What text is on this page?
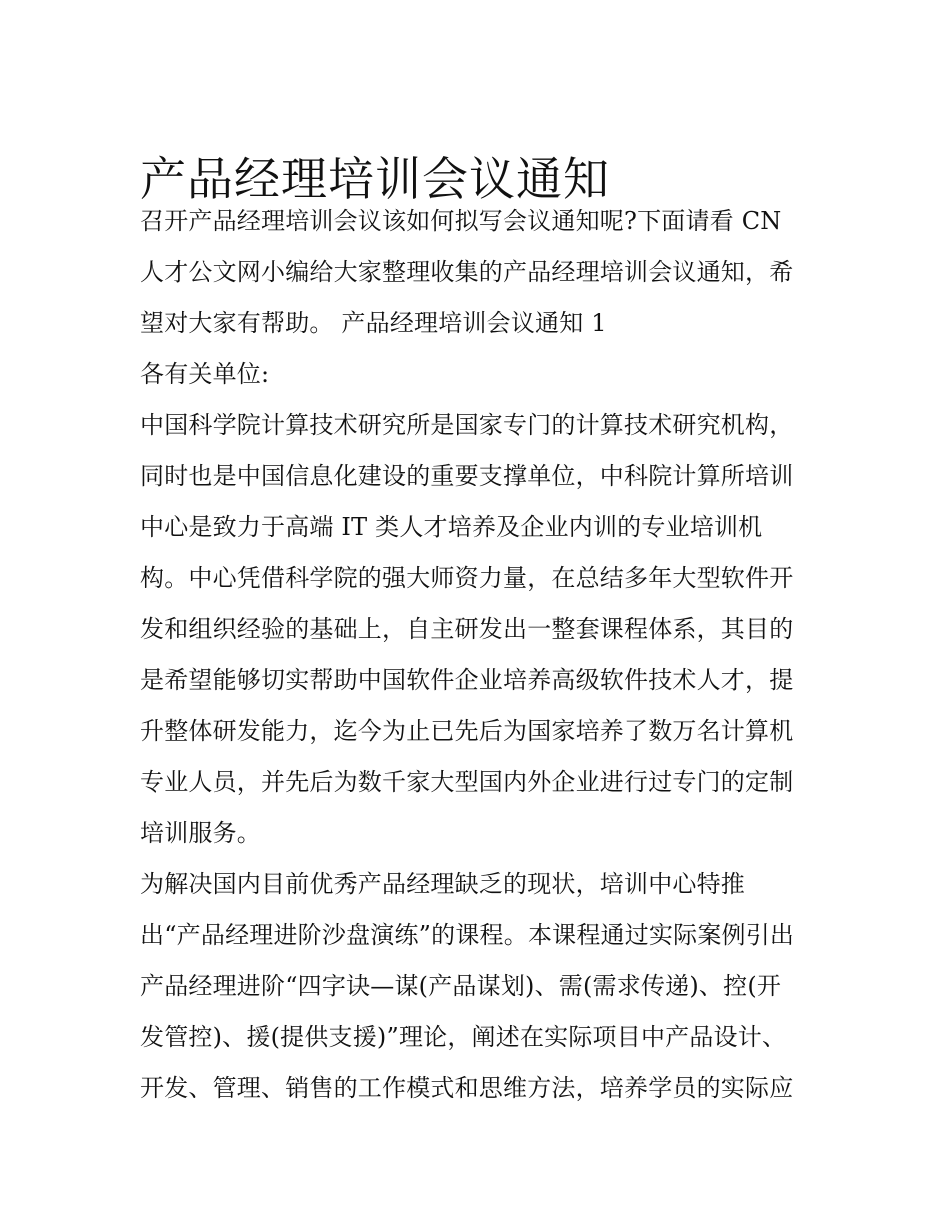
产品经理培训会议通知
召开产品经理培训会议该如何拟写会议通知呢?下面请看 CN
人才公文网小编给大家整理收集的产品经理培训会议通知，希
望对大家有帮助。 产品经理培训会议通知 1
各有关单位:
中国科学院计算技术研究所是国家专门的计算技术研究机构，
同时也是中国信息化建设的重要支撑单位，中科院计算所培训
中心是致力于高端 IT 类人才培养及企业内训的专业培训机
构。中心凭借科学院的强大师资力量，在总结多年大型软件开
发和组织经验的基础上，自主研发出一整套课程体系，其目的
是希望能够切实帮助中国软件企业培养高级软件技术人才，提
升整体研发能力，迄今为止已先后为国家培养了数万名计算机
专业人员，并先后为数千家大型国内外企业进行过专门的定制
培训服务。
为解决国内目前优秀产品经理缺乏的现状，培训中心特推
出“产品经理进阶沙盘演练”的课程。本课程通过实际案例引出
产品经理进阶“四字诀—谋(产品谋划)、需(需求传递)、控(开
发管控)、援(提供支援)”理论，阐述在实际项目中产品设计、
开发、管理、销售的工作模式和思维方法，培养学员的实际应
